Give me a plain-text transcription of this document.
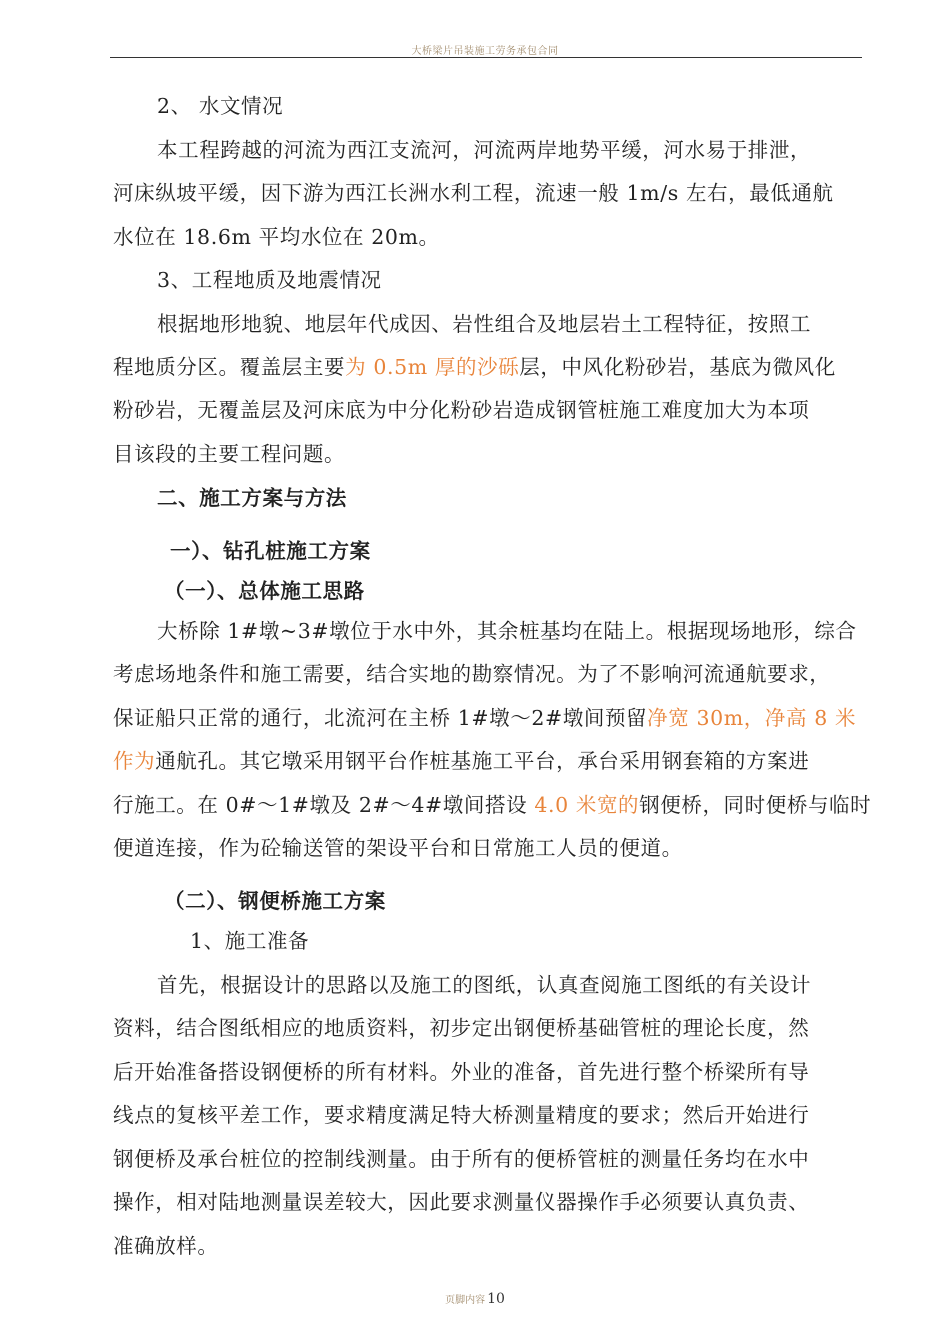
大桥梁片吊装施工劳务承包合同
2、 水文情况
本工程跨越的河流为西江支流河，河流两岸地势平缓，河水易于排泄，
河床纵坡平缓，因下游为西江长洲水利工程，流速一般 1m/s 左右，最低通航
水位在 18.6m 平均水位在 20m。
3、工程地质及地震情况
根据地形地貌、地层年代成因、岩性组合及地层岩土工程特征，按照工
程地质分区。覆盖层主要为 0.5m 厚的沙砾层，中风化粉砂岩，基底为微风化
粉砂岩，无覆盖层及河床底为中分化粉砂岩造成钢管桩施工难度加大为本项
目该段的主要工程问题。
二、施工方案与方法
一）、钻孔桩施工方案
（一）、总体施工思路
大桥除 1#墩~3#墩位于水中外，其余桩基均在陆上。根据现场地形，综合
考虑场地条件和施工需要，结合实地的勘察情况。为了不影响河流通航要求，
保证船只正常的通行，北流河在主桥 1#墩～2#墩间预留净宽 30m，净高 8 米
作为通航孔。其它墩采用钢平台作桩基施工平台，承台采用钢套箱的方案进
行施工。在 0#～1#墩及 2#～4#墩间搭设 4.0 米宽的钢便桥，同时便桥与临时
便道连接，作为砼输送管的架设平台和日常施工人员的便道。
（二）、钢便桥施工方案
1、施工准备
首先，根据设计的思路以及施工的图纸，认真查阅施工图纸的有关设计
资料，结合图纸相应的地质资料，初步定出钢便桥基础管桩的理论长度，然
后开始准备搭设钢便桥的所有材料。外业的准备，首先进行整个桥梁所有导
线点的复核平差工作，要求精度满足特大桥测量精度的要求；然后开始进行
钢便桥及承台桩位的控制线测量。由于所有的便桥管桩的测量任务均在水中
操作，相对陆地测量误差较大，因此要求测量仪器操作手必须要认真负责、
准确放样。
页脚内容 10
